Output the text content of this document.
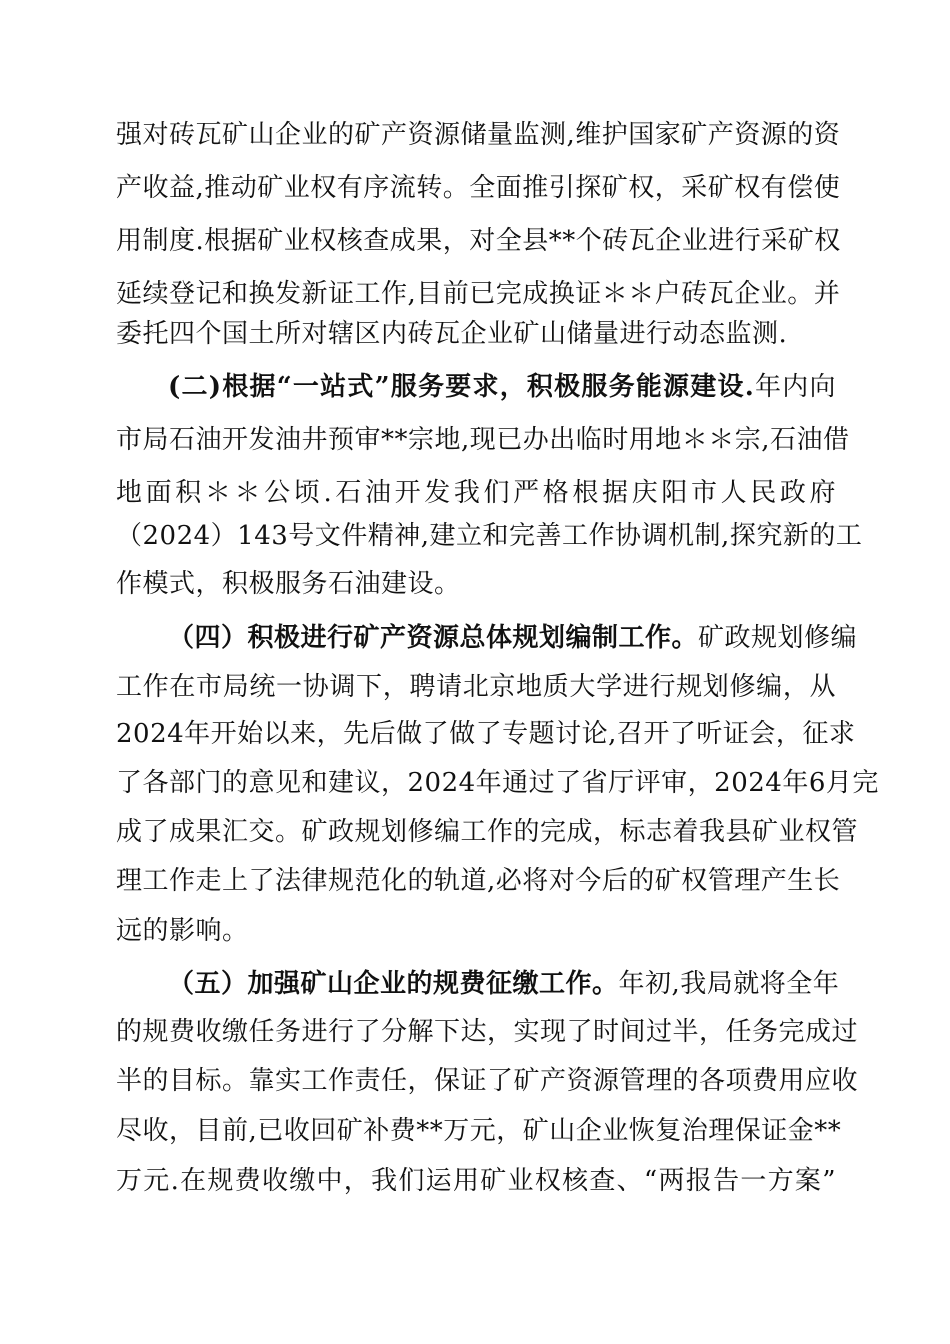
强对砖瓦矿山企业的矿产资源储量监测,维护国家矿产资源的资
产收益,推动矿业权有序流转。全面推引探矿权，采矿权有偿使
用制度.根据矿业权核查成果，对全县**个砖瓦企业进行采矿权
延续登记和换发新证工作,目前已完成换证＊＊户砖瓦企业。并
委托四个国土所对辖区内砖瓦企业矿山储量进行动态监测.
(二)根据“一站式”服务要求，积极服务能源建设.年内向
市局石油开发油井预审**宗地,现已办出临时用地＊＊宗,石油借
地面积＊＊公顷.石油开发我们严格根据庆阳市人民政府
（2024）143号文件精神,建立和完善工作协调机制,探究新的工
作模式，积极服务石油建设。
（四）积极进行矿产资源总体规划编制工作。矿政规划修编
工作在市局统一协调下，聘请北京地质大学进行规划修编，从
2024年开始以来，先后做了做了专题讨论,召开了听证会，征求
了各部门的意见和建议，2024年通过了省厅评审，2024年6月完
成了成果汇交。矿政规划修编工作的完成，标志着我县矿业权管
理工作走上了法律规范化的轨道,必将对今后的矿权管理产生长
远的影响。
（五）加强矿山企业的规费征缴工作。年初,我局就将全年
的规费收缴任务进行了分解下达，实现了时间过半，任务完成过
半的目标。靠实工作责任，保证了矿产资源管理的各项费用应收
尽收，目前,已收回矿补费**万元，矿山企业恢复治理保证金**
万元.在规费收缴中，我们运用矿业权核查、“两报告一方案”
